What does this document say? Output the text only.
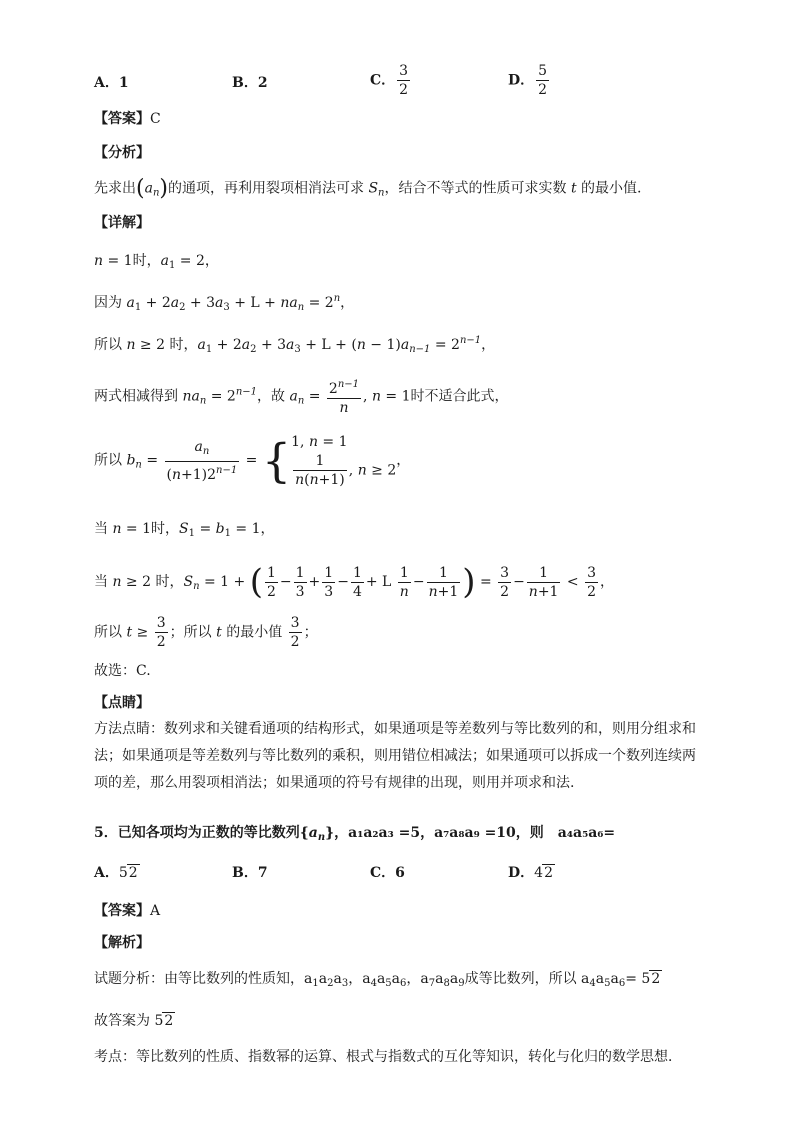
A．1	B．2	C． $\frac{3}{2}$	D． $\frac{5}{2}$
【答案】C
【分析】
先求出$(a_n)$的通项，再利用裂项相消法可求 $S_n$，结合不等式的性质可求实数 t 的最小值.
【详解】
n = 1时，$a_1 = 2$，
因为 $a_1 + 2a_2 + 3a_3 + L + na_n = 2^n$，
所以 n ≥ 2 时，$a_1 + 2a_2 + 3a_3 + L + (n - 1)a_{n-1} = 2^{n-1}$，
两式相减得到 $na_n = 2^{n-1}$，故 $a_n = \frac{2^{n-1}}{n}$ , n = 1时不适合此式，
所以 $b_n = \frac{a_n}{(n+1)2^{n-1}}$ = { 1, n = 1
$\frac{1}{n(n+1)}$ , n ≥ 2
，
当 n = 1时，$S_1 = b_1 = 1$，
当 n ≥ 2 时，$S_n = 1$ + ( $\frac{1}{2} - \frac{1}{3} + \frac{1}{3} - \frac{1}{4} + L \frac{1}{n} - \frac{1}{n+1}$ ) = $\frac{3}{2} - \frac{1}{n+1} < \frac{3}{2}$ ，
所以 $t \ge \frac{3}{2}$ ；所以 t 的最小值 $\frac{3}{2}$ ；
故选：C.
【点睛】
方法点睛：数列求和关键看通项的结构形式，如果通项是等差数列与等比数列的和，则用分组求和
法；如果通项是等差数列与等比数列的乘积，则用错位相减法；如果通项可以拆成一个数列连续两
项的差，那么用裂项相消法；如果通项的符号有规律的出现，则用并项求和法.
5．已知各项均为正数的等比数列$\{a_n\}$，a₁a₂a₃ =5，a₇a₈a₉ =10，则　a₄a₅a₆=
A．52	B．7	C．6	D．42
【答案】A
【解析】
试题分析：由等比数列的性质知，$a_1a_2a_3$，$a_4a_5a_6$，$a_7a_8a_9$成等比数列，所以 $a_4a_5a_6= 52$
故答案为 52
考点：等比数列的性质、指数幂的运算、根式与指数式的互化等知识，转化与化归的数学思想．
